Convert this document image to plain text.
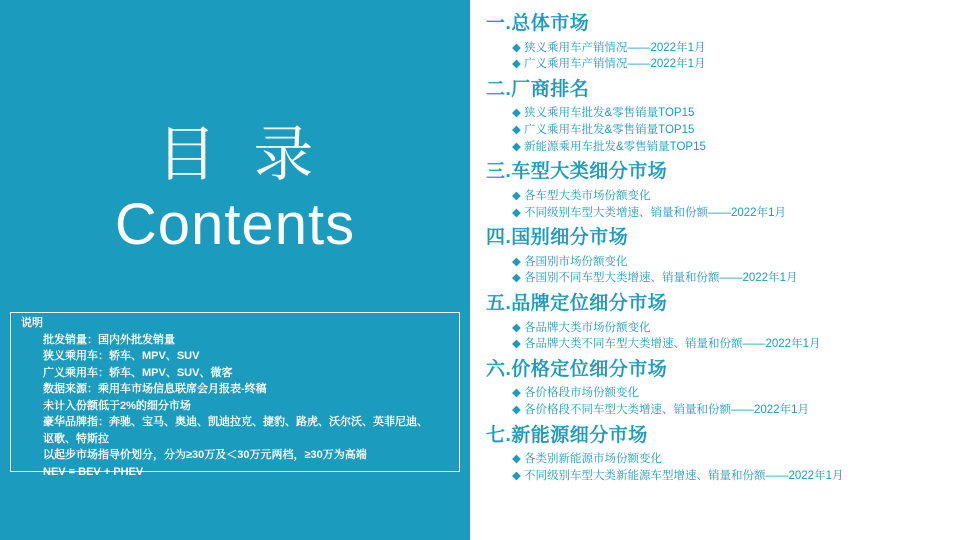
目 录
Contents
说明
批发销量：国内外批发销量
狭义乘用车：轿车、MPV、SUV
广义乘用车：轿车、MPV、SUV、微客
数据来源：乘用车市场信息联席会月报表-终稿
未计入份额低于2%的细分市场
豪华品牌指：奔驰、宝马、奥迪、凯迪拉克、捷豹、路虎、沃尔沃、英菲尼迪、
讴歌、特斯拉
以起步市场指导价划分，分为≥30万及＜30万元两档，≥30万为高端
NEV = BEV + PHEV
一.总体市场
◆ 狭义乘用车产销情况——2022年1月
◆ 广义乘用车产销情况——2022年1月
二.厂商排名
◆ 狭义乘用车批发&零售销量TOP15
◆ 广义乘用车批发&零售销量TOP15
◆ 新能源乘用车批发&零售销量TOP15
三.车型大类细分市场
◆ 各车型大类市场份额变化
◆ 不同级别车型大类增速、销量和份额——2022年1月
四.国别细分市场
◆ 各国别市场份额变化
◆ 各国别不同车型大类增速、销量和份额——2022年1月
五.品牌定位细分市场
◆ 各品牌大类市场份额变化
◆ 各品牌大类不同车型大类增速、销量和份额——2022年1月
六.价格定位细分市场
◆ 各价格段市场份额变化
◆ 各价格段不同车型大类增速、销量和份额——2022年1月
七.新能源细分市场
◆ 各类别新能源市场份额变化
◆ 不同级别车型大类新能源车型增速、销量和份额——2022年1月
